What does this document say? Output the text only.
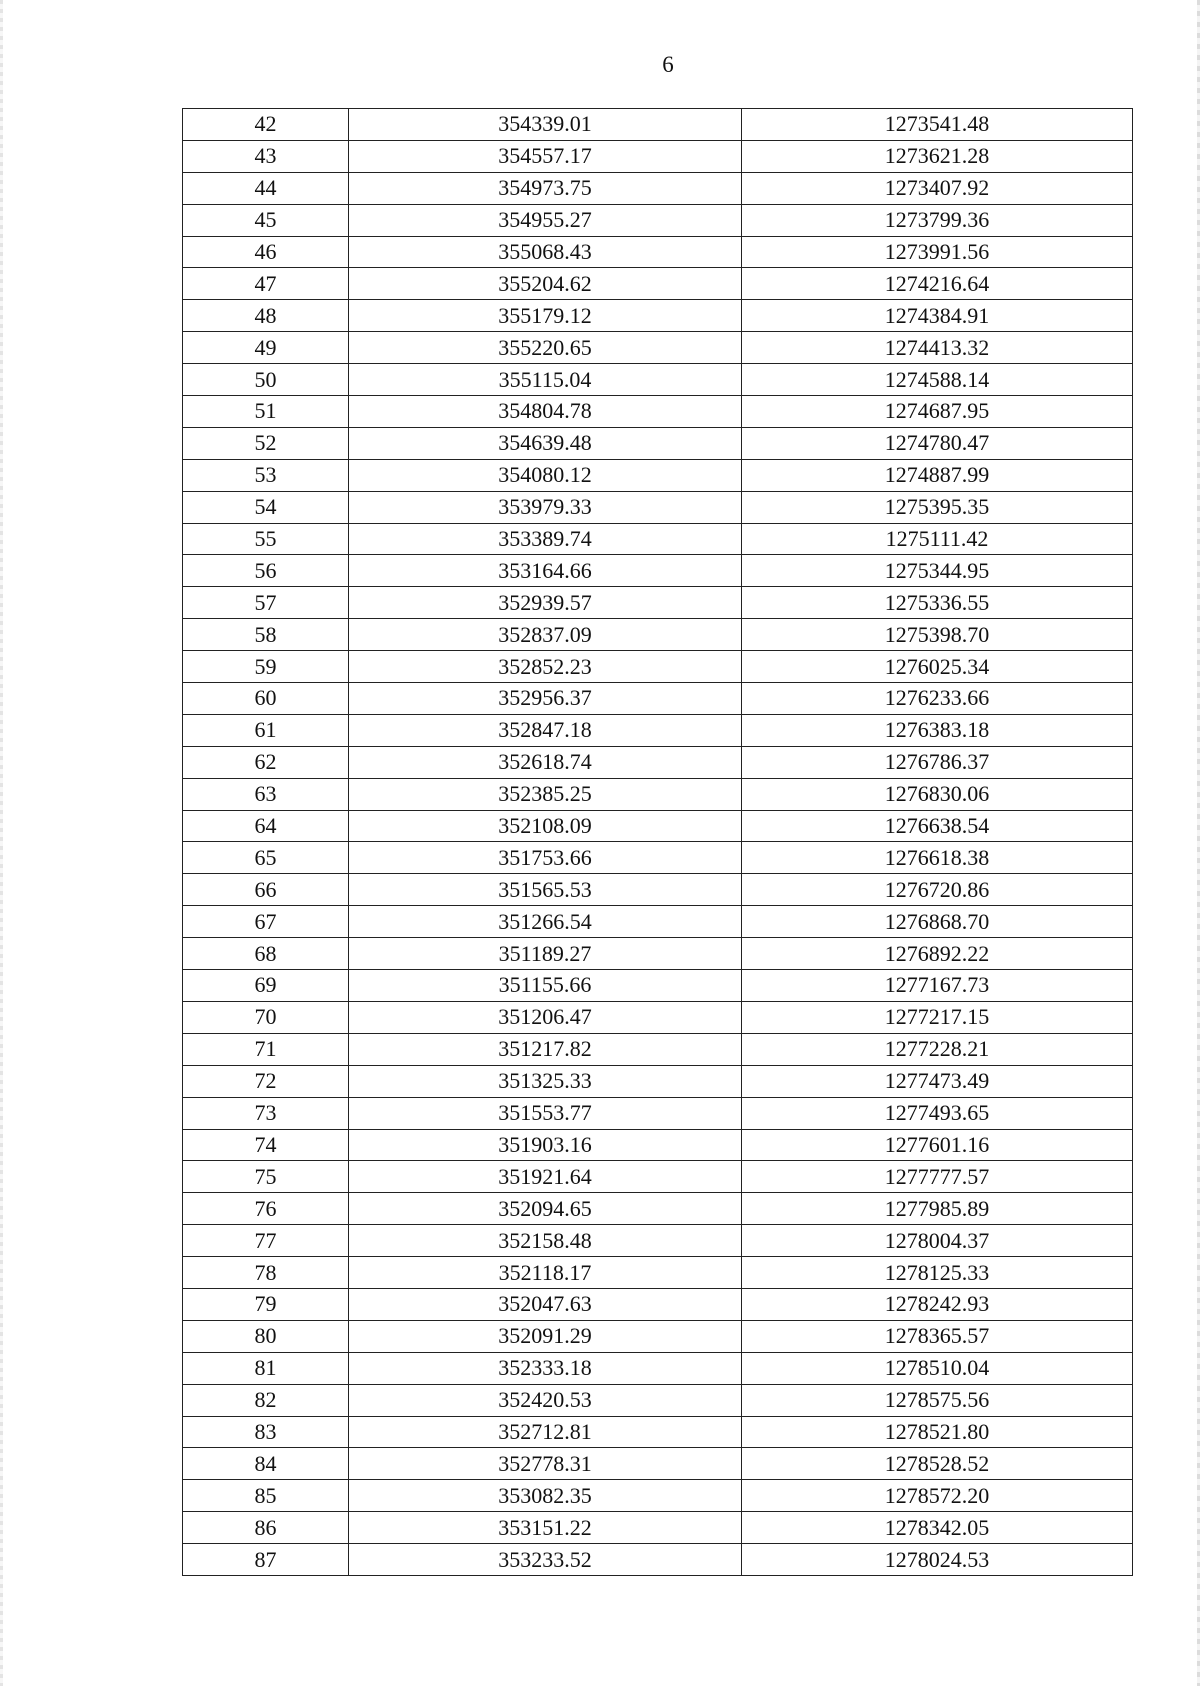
6
42	354339.01	1273541.48
43	354557.17	1273621.28
44	354973.75	1273407.92
45	354955.27	1273799.36
46	355068.43	1273991.56
47	355204.62	1274216.64
48	355179.12	1274384.91
49	355220.65	1274413.32
50	355115.04	1274588.14
51	354804.78	1274687.95
52	354639.48	1274780.47
53	354080.12	1274887.99
54	353979.33	1275395.35
55	353389.74	1275111.42
56	353164.66	1275344.95
57	352939.57	1275336.55
58	352837.09	1275398.70
59	352852.23	1276025.34
60	352956.37	1276233.66
61	352847.18	1276383.18
62	352618.74	1276786.37
63	352385.25	1276830.06
64	352108.09	1276638.54
65	351753.66	1276618.38
66	351565.53	1276720.86
67	351266.54	1276868.70
68	351189.27	1276892.22
69	351155.66	1277167.73
70	351206.47	1277217.15
71	351217.82	1277228.21
72	351325.33	1277473.49
73	351553.77	1277493.65
74	351903.16	1277601.16
75	351921.64	1277777.57
76	352094.65	1277985.89
77	352158.48	1278004.37
78	352118.17	1278125.33
79	352047.63	1278242.93
80	352091.29	1278365.57
81	352333.18	1278510.04
82	352420.53	1278575.56
83	352712.81	1278521.80
84	352778.31	1278528.52
85	353082.35	1278572.20
86	353151.22	1278342.05
87	353233.52	1278024.53
